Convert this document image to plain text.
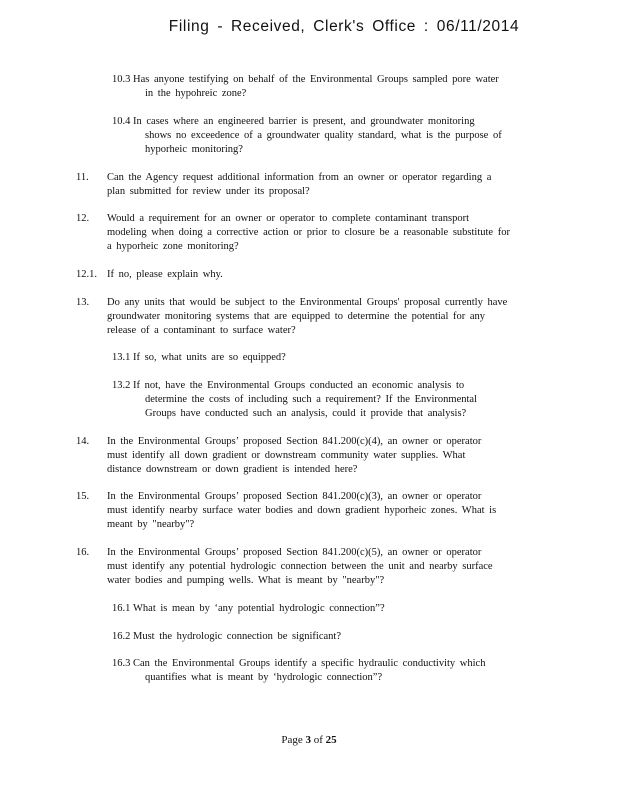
Filing - Received, Clerk's Office : 06/11/2014
10.3 Has anyone testifying on behalf of the Environmental Groups sampled pore water
in the hypohreic zone?
10.4 In cases where an engineered barrier is present, and groundwater monitoring
shows no exceedence of a groundwater quality standard, what is the purpose of
hyporheic monitoring?
11. Can the Agency request additional information from an owner or operator regarding a
plan submitted for review under its proposal?
12. Would a requirement for an owner or operator to complete contaminant transport
modeling when doing a corrective action or prior to closure be a reasonable substitute for
a hyporheic zone monitoring?
12.1. If no, please explain why.
13. Do any units that would be subject to the Environmental Groups' proposal currently have
groundwater monitoring systems that are equipped to determine the potential for any
release of a contaminant to surface water?
13.1 If so, what units are so equipped?
13.2 If not, have the Environmental Groups conducted an economic analysis to
determine the costs of including such a requirement? If the Environmental
Groups have conducted such an analysis, could it provide that analysis?
14. In the Environmental Groups’ proposed Section 841.200(c)(4), an owner or operator
must identify all down gradient or downstream community water supplies. What
distance downstream or down gradient is intended here?
15. In the Environmental Groups’ proposed Section 841.200(c)(3), an owner or operator
must identify nearby surface water bodies and down gradient hyporheic zones. What is
meant by "nearby"?
16. In the Environmental Groups’ proposed Section 841.200(c)(5), an owner or operator
must identify any potential hydrologic connection between the unit and nearby surface
water bodies and pumping wells. What is meant by "nearby"?
16.1 What is mean by ‘any potential hydrologic connection”?
16.2 Must the hydrologic connection be significant?
16.3 Can the Environmental Groups identify a specific hydraulic conductivity which
quantifies what is meant by ‘hydrologic connection”?
Page 3 of 25
